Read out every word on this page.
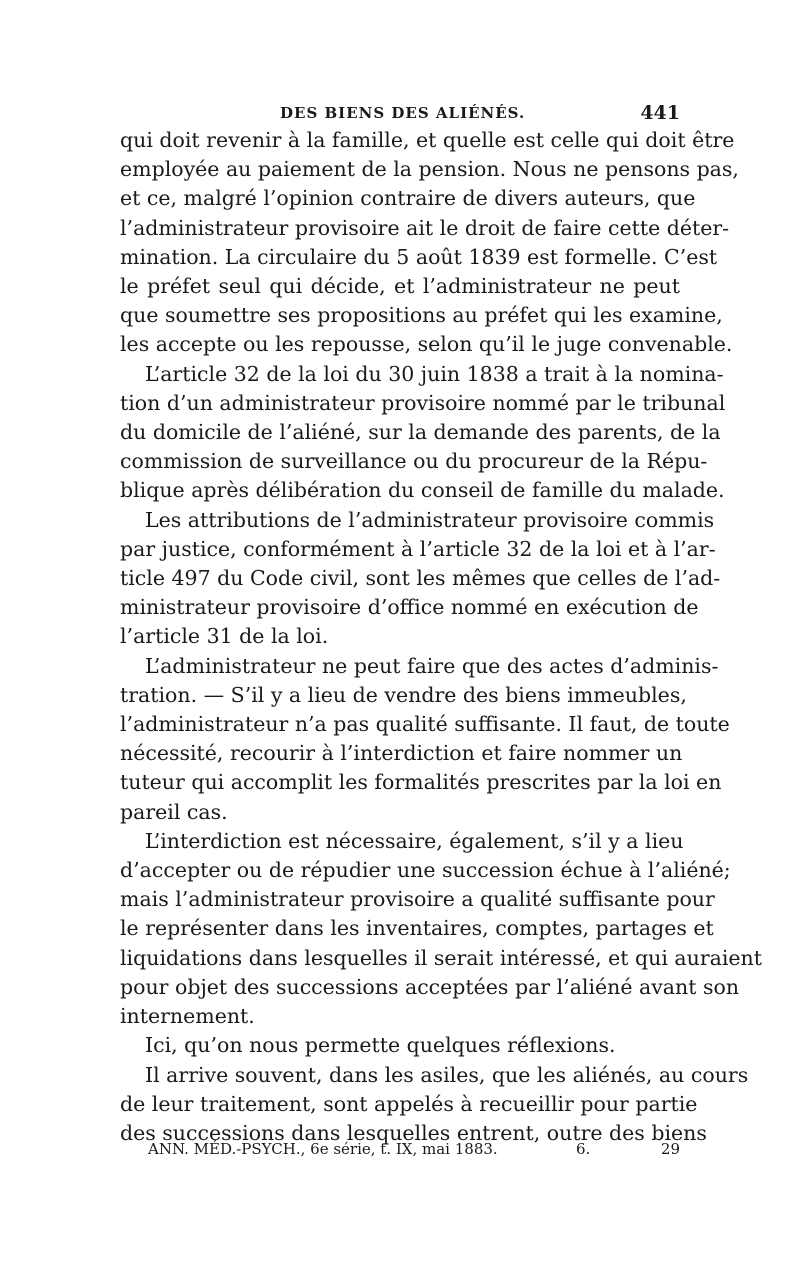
DES BIENS DES ALIÉNÉS.	441
qui doit revenir à la famille, et quelle est celle qui doit être
employée au paiement de la pension. Nous ne pensons pas,
et ce, malgré l’opinion contraire de divers auteurs, que
l’administrateur provisoire ait le droit de faire cette déter-
mination. La circulaire du 5 août 1839 est formelle. C’est
le préfet seul qui décide, et l’administrateur ne peut
que soumettre ses propositions au préfet qui les examine,
les accepte ou les repousse, selon qu’il le juge convenable.
L’article 32 de la loi du 30 juin 1838 a trait à la nomina-
tion d’un administrateur provisoire nommé par le tribunal
du domicile de l’aliéné, sur la demande des parents, de la
commission de surveillance ou du procureur de la Répu-
blique après délibération du conseil de famille du malade.
Les attributions de l’administrateur provisoire commis
par justice, conformément à l’article 32 de la loi et à l’ar-
ticle 497 du Code civil, sont les mêmes que celles de l’ad-
ministrateur provisoire d’office nommé en exécution de
l’article 31 de la loi.
L’administrateur ne peut faire que des actes d’adminis-
tration. — S’il y a lieu de vendre des biens immeubles,
l’administrateur n’a pas qualité suffisante. Il faut, de toute
nécessité, recourir à l’interdiction et faire nommer un
tuteur qui accomplit les formalités prescrites par la loi en
pareil cas.
L’interdiction est nécessaire, également, s’il y a lieu
d’accepter ou de répudier une succession échue à l’aliéné;
mais l’administrateur provisoire a qualité suffisante pour
le représenter dans les inventaires, comptes, partages et
liquidations dans lesquelles il serait intéressé, et qui auraient
pour objet des successions acceptées par l’aliéné avant son
internement.
Ici, qu’on nous permette quelques réflexions.
Il arrive souvent, dans les asiles, que les aliénés, au cours
de leur traitement, sont appelés à recueillir pour partie
des successions dans lesquelles entrent, outre des biens
ANN. MÉD.-PSYCH., 6e série, t. IX, mai 1883.	6.	29
